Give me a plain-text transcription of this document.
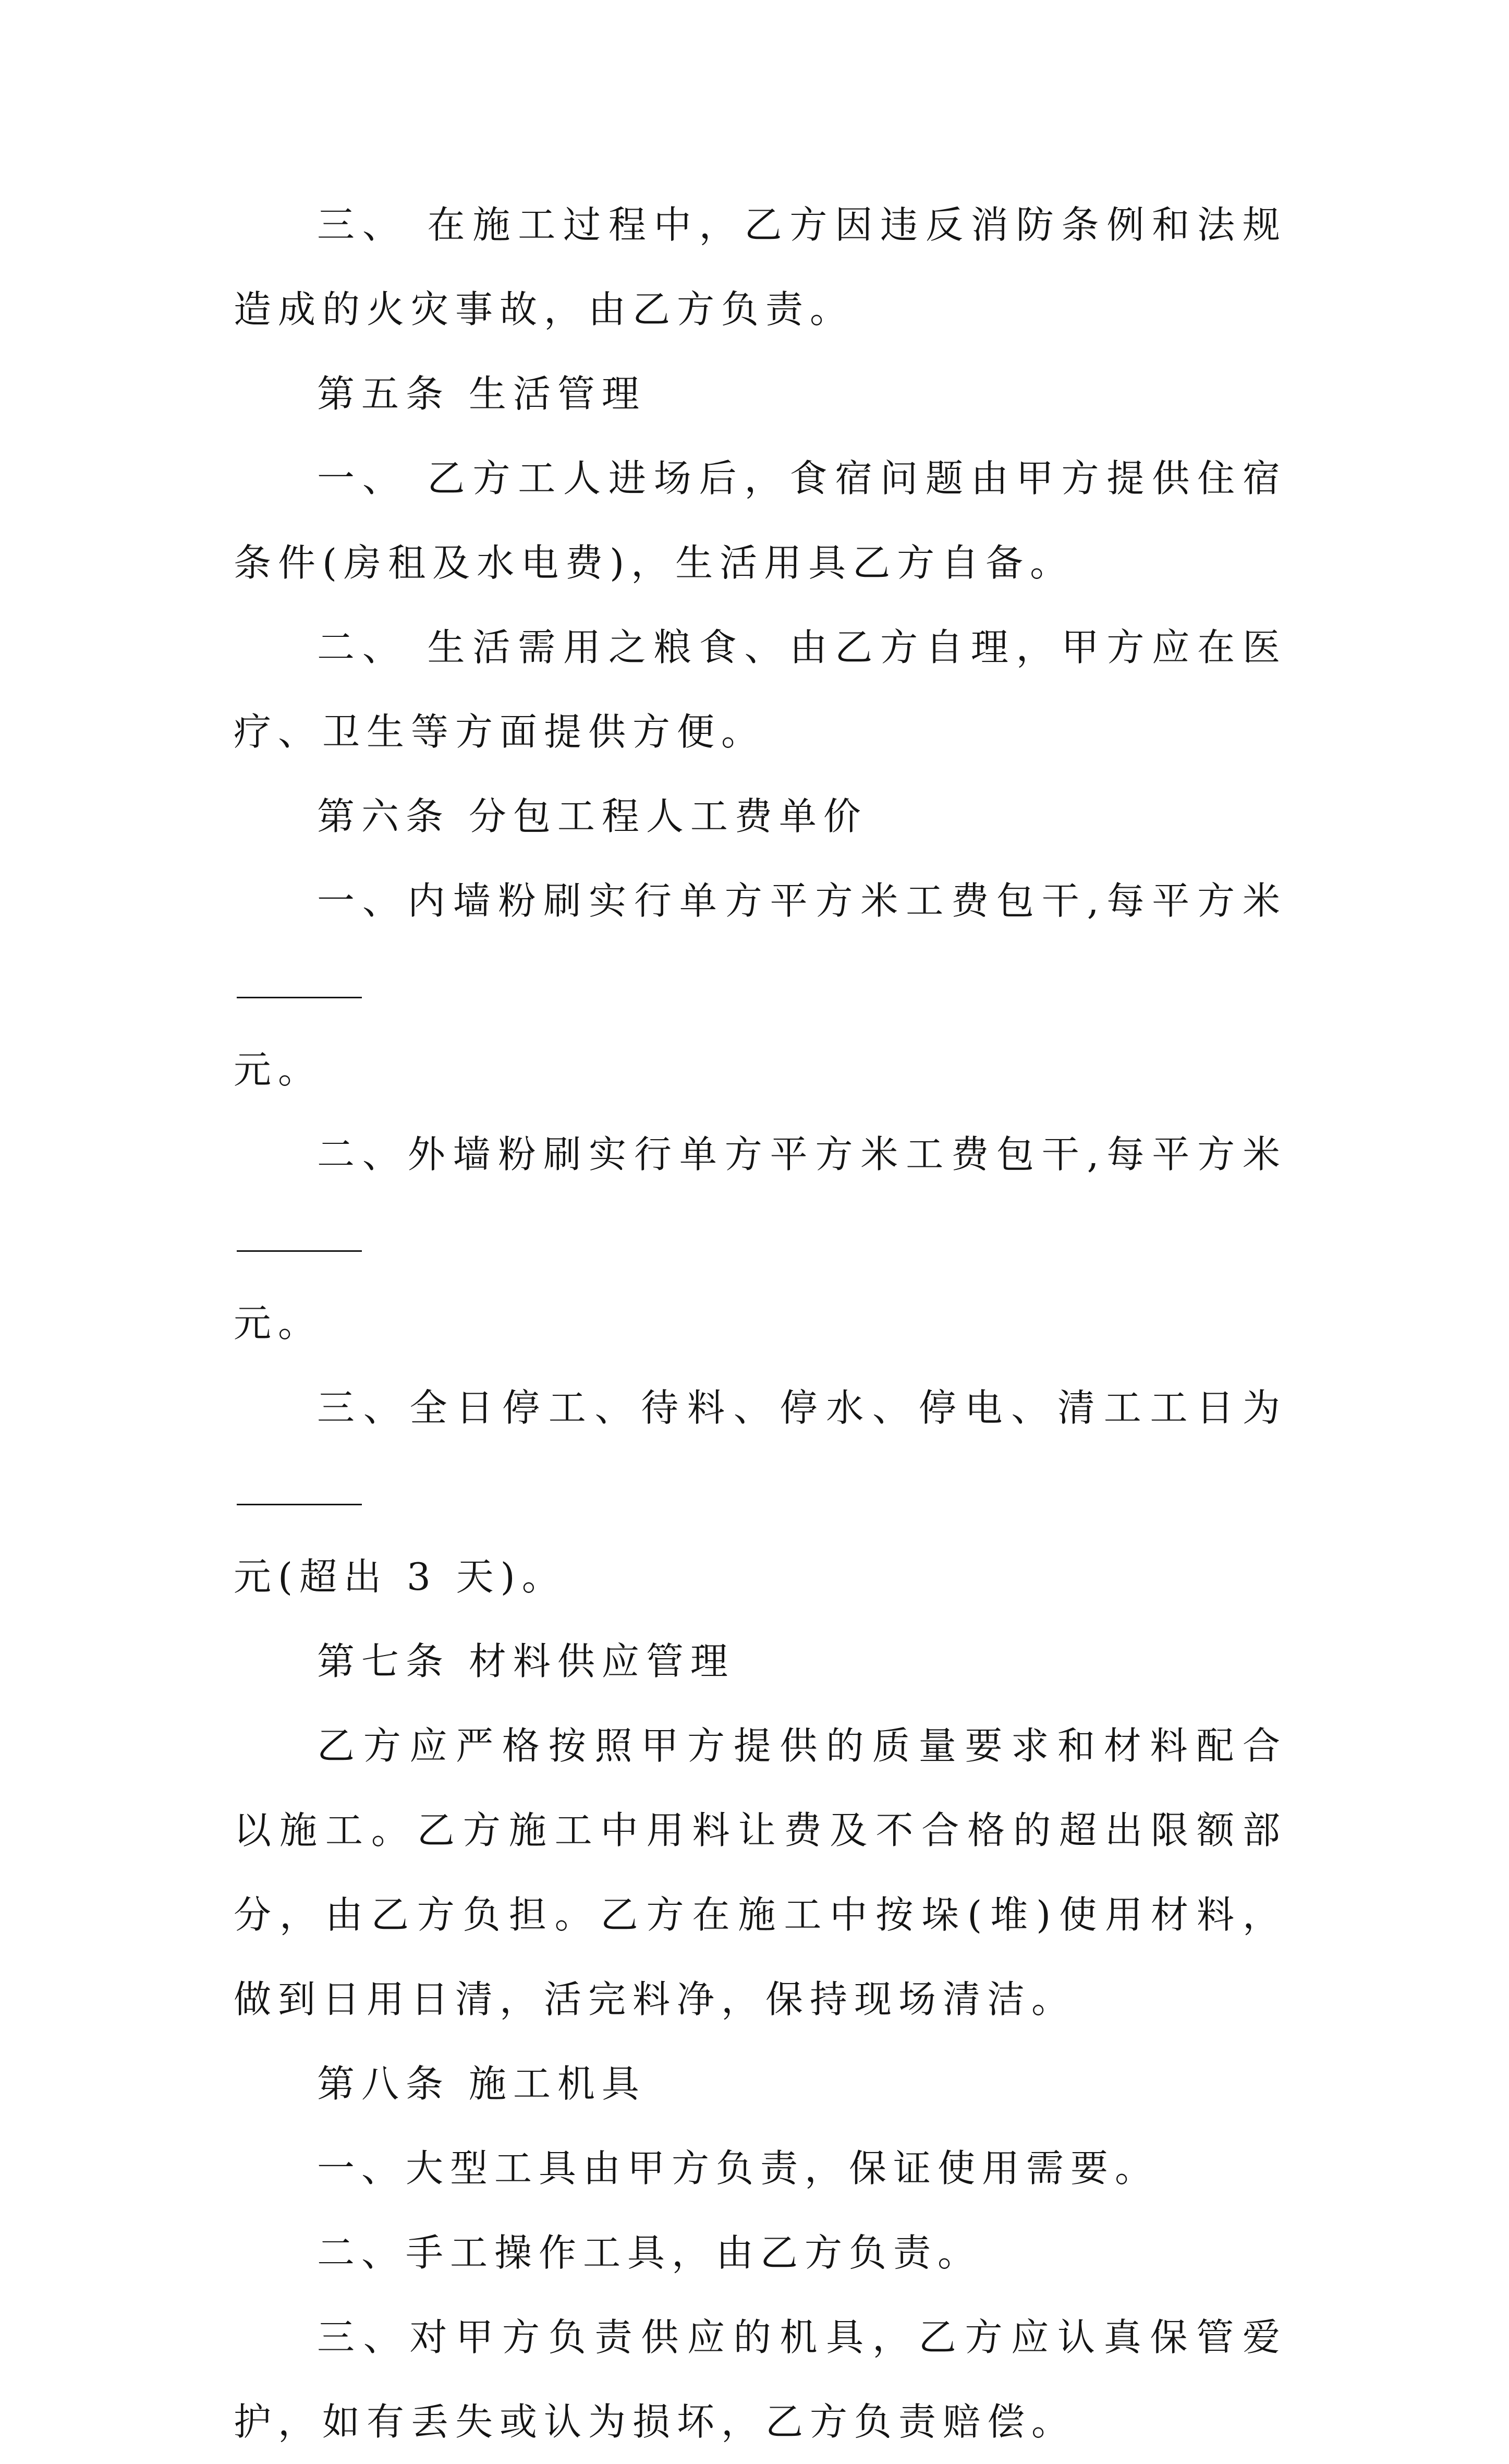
三、 在施工过程中，乙方因违反消防条例和法规造成的火灾事故，由乙方负责。

第五条 生活管理

一、 乙方工人进场后，食宿问题由甲方提供住宿条件(房租及水电费)，生活用具乙方自备。

二、 生活需用之粮食、由乙方自理，甲方应在医疗、卫生等方面提供方便。

第六条 分包工程人工费单价

一、内墙粉刷实行单方平方米工费包干,每平方米
元。

二、外墙粉刷实行单方平方米工费包干,每平方米
元。

三、全日停工、待料、停水、停电、清工工日为
元(超出 3 天)。

第七条 材料供应管理

乙方应严格按照甲方提供的质量要求和材料配合以施工。乙方施工中用料让费及不合格的超出限额部分，由乙方负担。乙方在施工中按垛(堆)使用材料，做到日用日清，活完料净，保持现场清洁。

第八条 施工机具

一、大型工具由甲方负责，保证使用需要。

二、手工操作工具，由乙方负责。

三、对甲方负责供应的机具，乙方应认真保管爱护，如有丢失或认为损坏，乙方负责赔偿。
